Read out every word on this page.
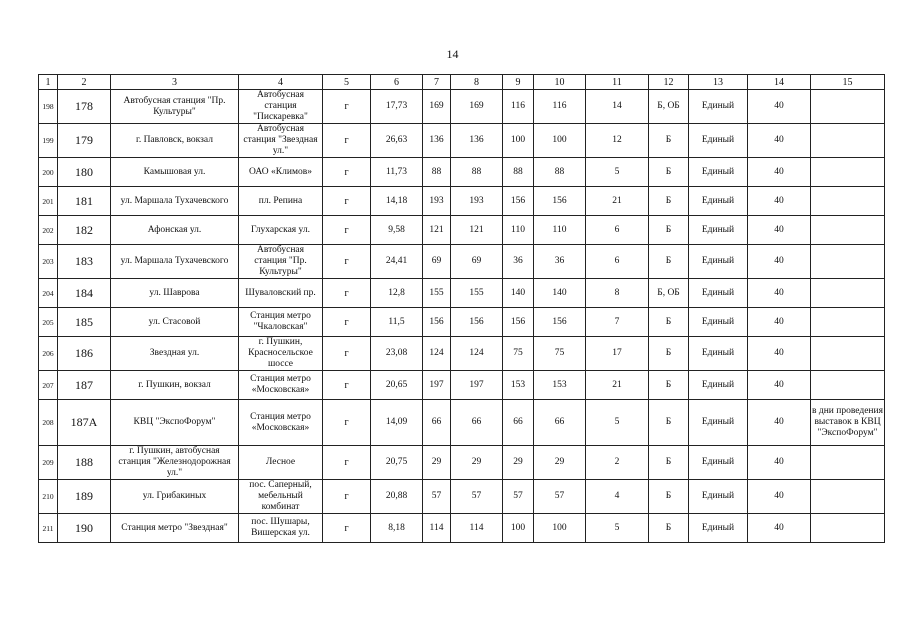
14
1	2	3	4	5	6	7	8	9	10	11	12	13	14	15
198	178	Автобусная станция "Пр. Культуры"	Автобусная станция "Пискаревка"	г	17,73	169	169	116	116	14	Б, ОБ	Единый	40	
199	179	г. Павловск, вокзал	Автобусная станция "Звездная ул."	г	26,63	136	136	100	100	12	Б	Единый	40	
200	180	Камышовая ул.	ОАО «Климов»	г	11,73	88	88	88	88	5	Б	Единый	40	
201	181	ул. Маршала Тухачевского	пл. Репина	г	14,18	193	193	156	156	21	Б	Единый	40	
202	182	Афонская ул.	Глухарская ул.	г	9,58	121	121	110	110	6	Б	Единый	40	
203	183	ул. Маршала Тухачевского	Автобусная станция "Пр. Культуры"	г	24,41	69	69	36	36	6	Б	Единый	40	
204	184	ул. Шаврова	Шуваловский пр.	г	12,8	155	155	140	140	8	Б, ОБ	Единый	40	
205	185	ул. Стасовой	Станция метро "Чкаловская"	г	11,5	156	156	156	156	7	Б	Единый	40	
206	186	Звездная ул.	г. Пушкин, Красносельское шоссе	г	23,08	124	124	75	75	17	Б	Единый	40	
207	187	г. Пушкин, вокзал	Станция метро «Московская»	г	20,65	197	197	153	153	21	Б	Единый	40	
208	187А	КВЦ "ЭкспоФорум"	Станция метро «Московская»	г	14,09	66	66	66	66	5	Б	Единый	40	в дни проведения выставок в КВЦ "ЭкспоФорум"
209	188	г. Пушкин, автобусная станция "Железнодорожная ул."	Лесное	г	20,75	29	29	29	29	2	Б	Единый	40	
210	189	ул. Грибакиных	пос. Саперный, мебельный комбинат	г	20,88	57	57	57	57	4	Б	Единый	40	
211	190	Станция метро "Звездная"	пос. Шушары, Вишерская ул.	г	8,18	114	114	100	100	5	Б	Единый	40	
